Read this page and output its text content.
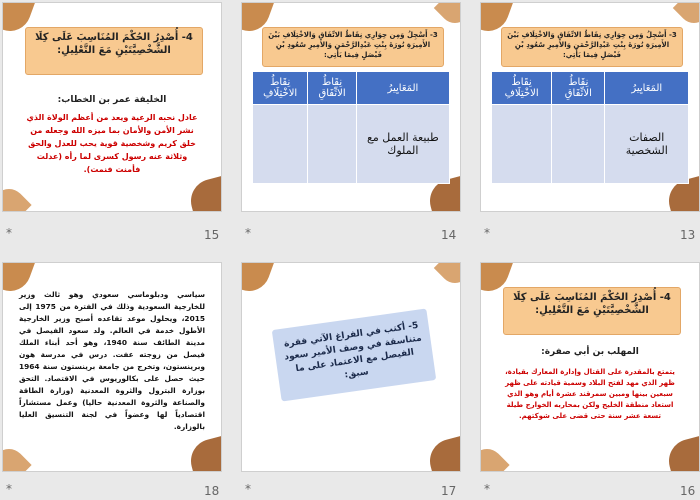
3- أَسْجِلُ وَمِن حِوَارِي نِقَاطُ الاتِّفَاقِ وَالاخْتِلَافِ بَيْنَ الأَمِيرَةِ نُورَةَ بِنْتِ عَبْدِالرَّحْمَنِ وَالأَمِيرِ سُعُودِ بْنِ فَيْصَلٍ فِيمَا يَأْتِي:
المَعَايِيرُ	نِقَاطُ الاتِّفَاقِ	نِقَاطُ الاخْتِلَافِ
الصفات الشخصية		
*	13
3- أَسْجِلُ وَمِن حِوَارِي نِقَاطُ الاتِّفَاقِ وَالاخْتِلَافِ بَيْنَ الأَمِيرَةِ نُورَةَ بِنْتِ عَبْدِالرَّحْمَنِ وَالأَمِيرِ سُعُودِ بْنِ فَيْصَلٍ فِيمَا يَأْتِي:
المَعَايِيرُ	نِقَاطُ الاتِّفَاقِ	نِقَاطُ الاخْتِلَافِ
طبيعة العمل مع الملوك		
*	14
4- أُصْدِرُ الحُكْمَ المُنَاسِبَ عَلَى كِلَا الشَّخْصِيَّتَيْنِ مَعَ التَّعْلِيلِ:
الخليفة عمر بن الخطاب:
عادل نحبه الرعية ويعد من أعظم الولاة الذي نشر الأمن والأمان بما ميزه الله وجعله من خلق كريم وشخصية قوية يحب للعدل والحق وثلاثة عنه رسول كسرى لما رأه (عدلت فأمنت فنمت).
*	15
4- أُصْدِرُ الحُكْمَ المُنَاسِبَ عَلَى كِلَا الشَّخْصِيَّتَيْنِ مَعَ التَّعْلِيلِ:
المهلب بن أبي صفرة:
يتمتع بالمقدرة على القتال وإدارة المعارك بقيادة، ظهر الذي مهد لفتح البلاد وسمية قيادته على ظهر سبعين بينها ومبين سمرقند عشرة أيام وهو الذي استعاد منطقة الخليج ولكن بمحاربه الخوارج طيلة تسعة عشر سنة حتى قضى على شوكتهم.
*	16
5- أكتب في الفراغ الآتي فقرة متناسقة في وصف الأمير سعود الفيصل مع الاعتماد على ما سبق:
*	17
سياسي ودبلوماسي سعودي وهو ثالث وزير للخارجية السعودية وذلك في الفترة من 1975 إلى 2015، ويحلول موعد تقاعده أصبح وزير الخارجية الأطول خدمة في العالم. ولد سعود الفيصل في مدينة الطائف سنة 1940، وهو أحد أبناء الملك فيصل من زوجته عفت. درس في مدرسة هون وبرينستون، وتخرج من جامعة برينستون سنة 1964 حيث حصل على بكالوريوس في الاقتصاد. التحق بوزارة البترول والثروة المعدنية (وزارة الطاقة والصناعة والثروة المعدنية حاليا) وعمل مستشاراً اقتصادياً لها وعضواً في لجنة التنسيق العليا بالوزارة.
*	18
